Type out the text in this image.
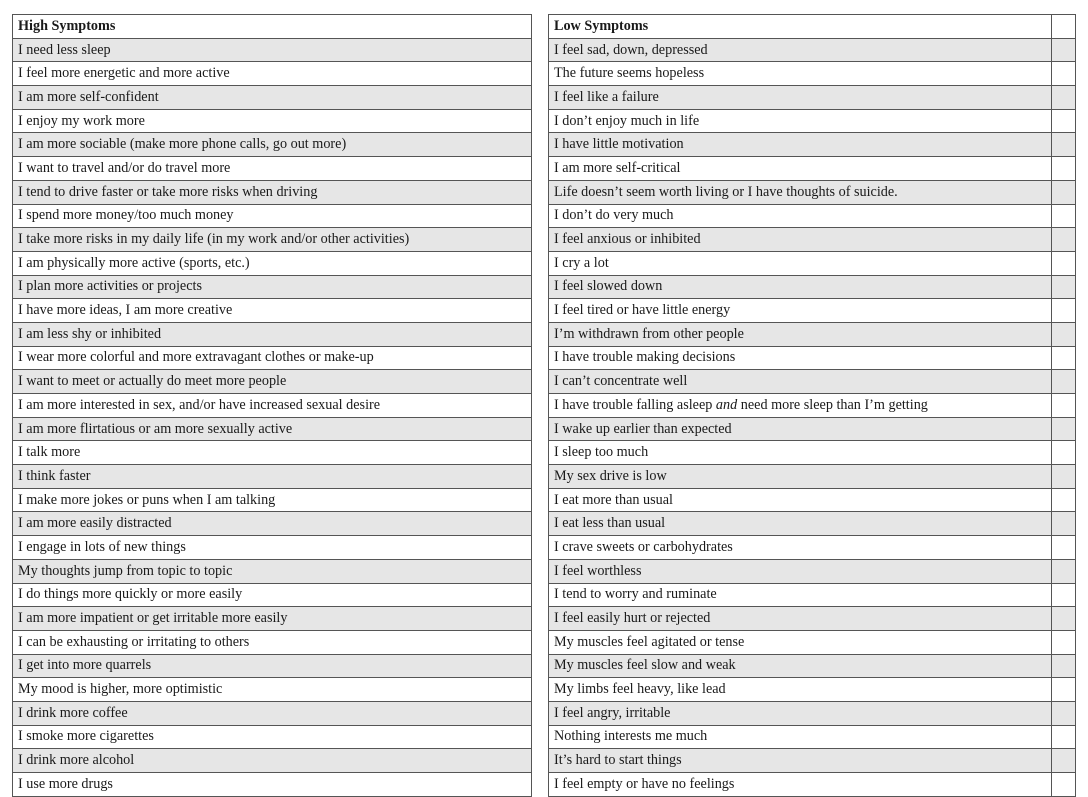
High Symptoms		Low Symptoms	
I need less sleep		I feel sad, down, depressed	
I feel more energetic and more active		The future seems hopeless	
I am more self-confident		I feel like a failure	
I enjoy my work more		I don’t enjoy much in life	
I am more sociable (make more phone calls, go out more)		I have little motivation	
I want to travel and/or do travel more		I am more self-critical	
I tend to drive faster or take more risks when driving		Life doesn’t seem worth living or I have thoughts of suicide.	
I spend more money/too much money		I don’t do very much	
I take more risks in my daily life (in my work and/or other activities)		I feel anxious or inhibited	
I am physically more active (sports, etc.)		I cry a lot	
I plan more activities or projects		I feel slowed down	
I have more ideas, I am more creative		I feel tired or have little energy	
I am less shy or inhibited		I’m withdrawn from other people	
I wear more colorful and more extravagant clothes or make-up		I have trouble making decisions	
I want to meet or actually do meet more people		I can’t concentrate well	
I am more interested in sex, and/or have increased sexual desire		I have trouble falling asleep and need more sleep than I’m getting	
I am more flirtatious or am more sexually active		I wake up earlier than expected	
I talk more		I sleep too much	
I think faster		My sex drive is low	
I make more jokes or puns when I am talking		I eat more than usual	
I am more easily distracted		I eat less than usual	
I engage in lots of new things		I crave sweets or carbohydrates	
My thoughts jump from topic to topic		I feel worthless	
I do things more quickly or more easily		I tend to worry and ruminate	
I am more impatient or get irritable more easily		I feel easily hurt or rejected	
I can be exhausting or irritating to others		My muscles feel agitated or tense	
I get into more quarrels		My muscles feel slow and weak	
My mood is higher, more optimistic		My limbs feel heavy, like lead	
I drink more coffee		I feel angry, irritable	
I smoke more cigarettes		Nothing interests me much	
I drink more alcohol		It’s hard to start things	
I use more drugs		I feel empty or have no feelings	
